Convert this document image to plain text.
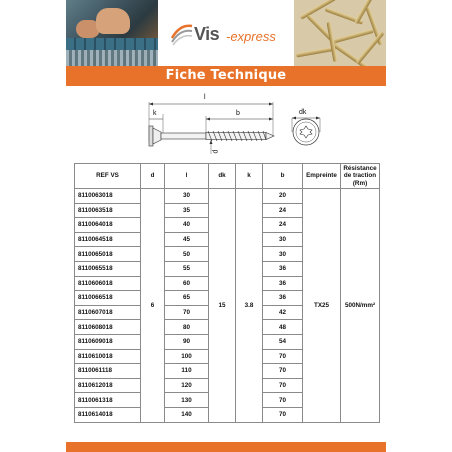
Vis -express
Fiche Technique
l
k	b
d
dk
REF VS	d	l	dk	k	b	Empreinte	Résistance de traction (Rm)
8110063018	6	30	15	3.8	20	TX25	500N/mm²
8110063518		35			24		
8110064018		40			24		
8110064518		45			30		
8110065018		50			30		
8110065518		55			36		
8110606018		60			36		
8110066518		65			36		
8110607018		70			42		
8110608018		80			48		
8110609018		90			54		
8110610018		100			70		
8110061118		110			70		
8110612018		120			70		
8110061318		130			70		
8110614018		140			70		
